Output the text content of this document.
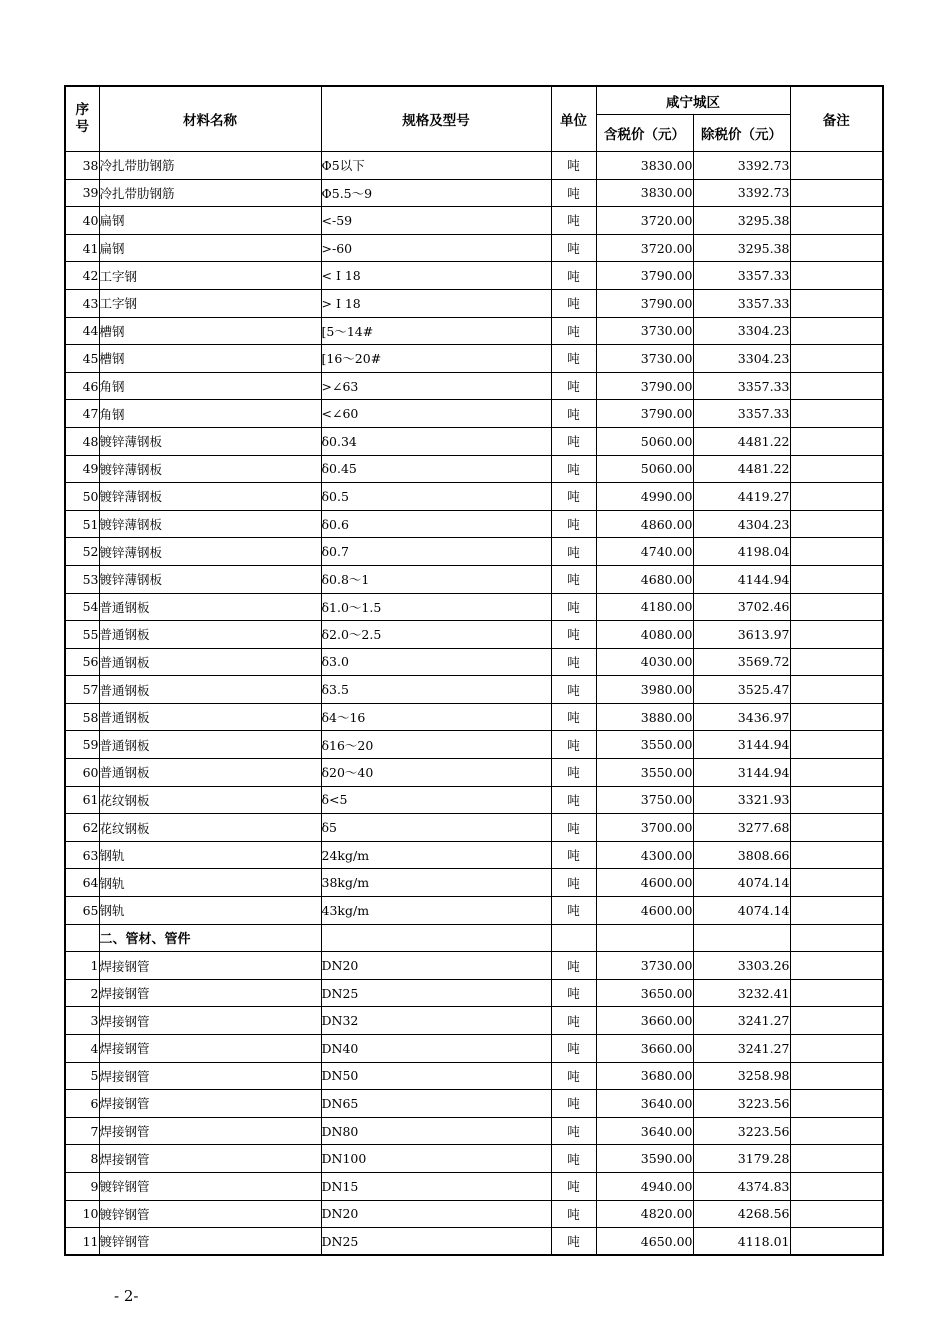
序号	材料名称	规格及型号	单位	咸宁城区		备注
				含税价（元）	除税价（元）	
38	冷扎带肋钢筋	Φ5以下	吨	3830.00	3392.73	
39	冷扎带肋钢筋	Φ5.5～9	吨	3830.00	3392.73	
40	扁钢	<-59	吨	3720.00	3295.38	
41	扁钢	>-60	吨	3720.00	3295.38	
42	工字钢	< I 18	吨	3790.00	3357.33	
43	工字钢	> I 18	吨	3790.00	3357.33	
44	槽钢	[5～14#	吨	3730.00	3304.23	
45	槽钢	[16～20#	吨	3730.00	3304.23	
46	角钢	>∠63	吨	3790.00	3357.33	
47	角钢	<∠60	吨	3790.00	3357.33	
48	镀锌薄钢板	δ0.34	吨	5060.00	4481.22	
49	镀锌薄钢板	δ0.45	吨	5060.00	4481.22	
50	镀锌薄钢板	δ0.5	吨	4990.00	4419.27	
51	镀锌薄钢板	δ0.6	吨	4860.00	4304.23	
52	镀锌薄钢板	δ0.7	吨	4740.00	4198.04	
53	镀锌薄钢板	δ0.8～1	吨	4680.00	4144.94	
54	普通钢板	δ1.0～1.5	吨	4180.00	3702.46	
55	普通钢板	δ2.0～2.5	吨	4080.00	3613.97	
56	普通钢板	δ3.0	吨	4030.00	3569.72	
57	普通钢板	δ3.5	吨	3980.00	3525.47	
58	普通钢板	δ4～16	吨	3880.00	3436.97	
59	普通钢板	δ16～20	吨	3550.00	3144.94	
60	普通钢板	δ20～40	吨	3550.00	3144.94	
61	花纹钢板	δ<5	吨	3750.00	3321.93	
62	花纹钢板	δ5	吨	3700.00	3277.68	
63	钢轨	24kg/m	吨	4300.00	3808.66	
64	钢轨	38kg/m	吨	4600.00	4074.14	
65	钢轨	43kg/m	吨	4600.00	4074.14	
	二、管材、管件					
1	焊接钢管	DN20	吨	3730.00	3303.26	
2	焊接钢管	DN25	吨	3650.00	3232.41	
3	焊接钢管	DN32	吨	3660.00	3241.27	
4	焊接钢管	DN40	吨	3660.00	3241.27	
5	焊接钢管	DN50	吨	3680.00	3258.98	
6	焊接钢管	DN65	吨	3640.00	3223.56	
7	焊接钢管	DN80	吨	3640.00	3223.56	
8	焊接钢管	DN100	吨	3590.00	3179.28	
9	镀锌钢管	DN15	吨	4940.00	4374.83	
10	镀锌钢管	DN20	吨	4820.00	4268.56	
11	镀锌钢管	DN25	吨	4650.00	4118.01	
- 2-
